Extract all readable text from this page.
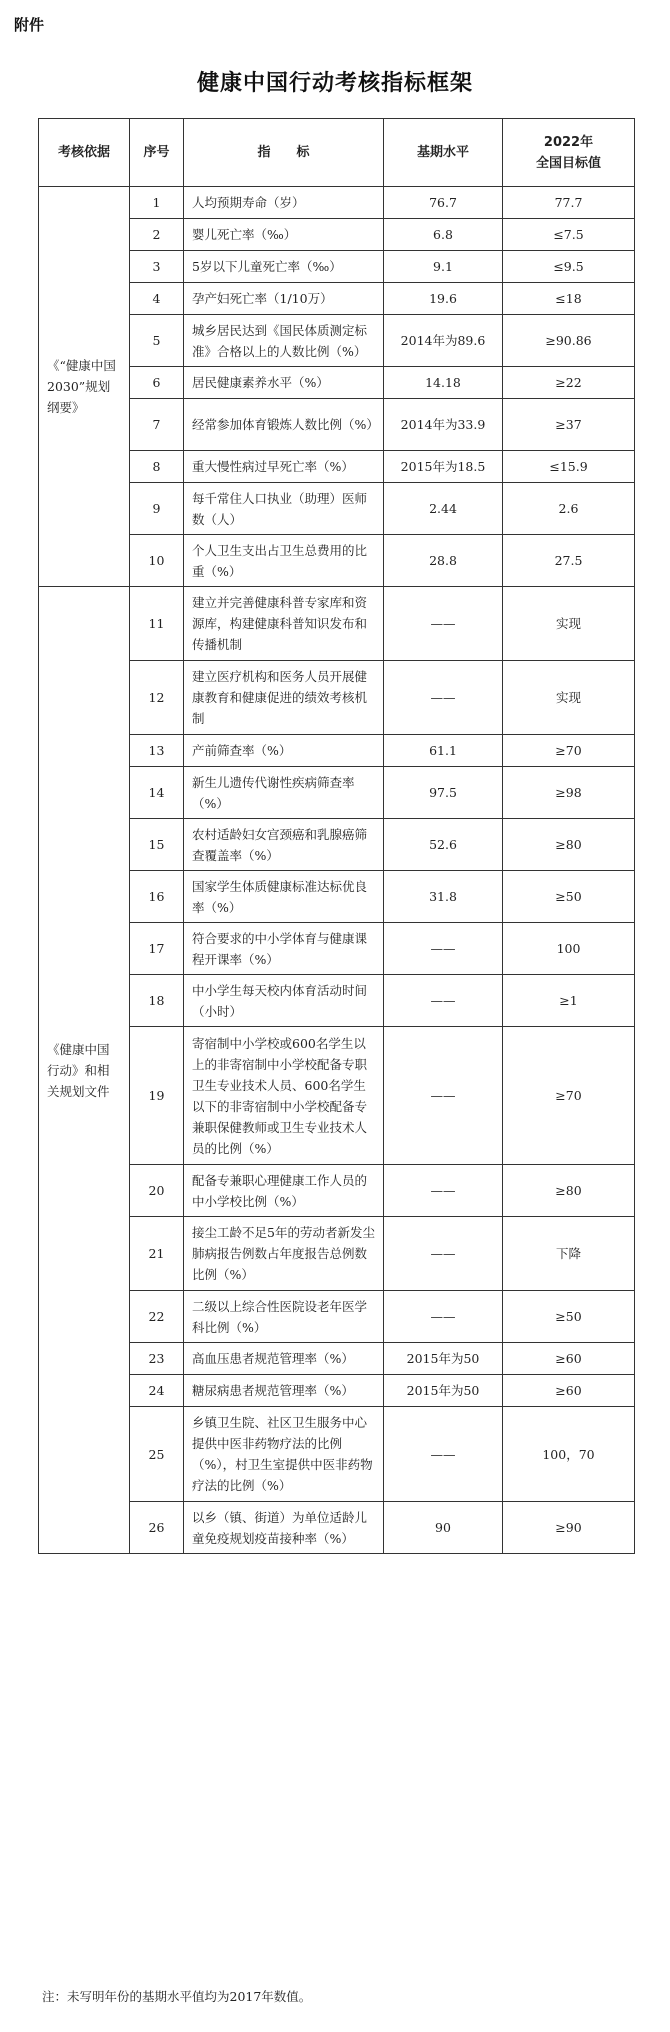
附件
健康中国行动考核指标框架
考核依据	序号	指　　标	基期水平	2022年
全国目标值

《“健康中国2030”规划纲要》	1	人均预期寿命（岁）	76.7	77.7
	2	婴儿死亡率（‰）	6.8	≤7.5
	3	5岁以下儿童死亡率（‰）	9.1	≤9.5
	4	孕产妇死亡率（1/10万）	19.6	≤18
	5	城乡居民达到《国民体质测定标准》合格以上的人数比例（%）	2014年为89.6	≥90.86
	6	居民健康素养水平（%）	14.18	≥22
	7	经常参加体育锻炼人数比例（%）	2014年为33.9	≥37
	8	重大慢性病过早死亡率（%）	2015年为18.5	≤15.9
	9	每千常住人口执业（助理）医师数（人）	2.44	2.6
	10	个人卫生支出占卫生总费用的比重（%）	28.8	27.5
《健康中国行动》和相关规划文件	11	建立并完善健康科普专家库和资源库，构建健康科普知识发布和传播机制	——	实现
	12	建立医疗机构和医务人员开展健康教育和健康促进的绩效考核机制	——	实现
	13	产前筛查率（%）	61.1	≥70
	14	新生儿遗传代谢性疾病筛查率（%）	97.5	≥98
	15	农村适龄妇女宫颈癌和乳腺癌筛查覆盖率（%）	52.6	≥80
	16	国家学生体质健康标准达标优良率（%）	31.8	≥50
	17	符合要求的中小学体育与健康课程开课率（%）	——	100
	18	中小学生每天校内体育活动时间（小时）	——	≥1
	19	寄宿制中小学校或600名学生以上的非寄宿制中小学校配备专职卫生专业技术人员、600名学生以下的非寄宿制中小学校配备专兼职保健教师或卫生专业技术人员的比例（%）	——	≥70
	20	配备专兼职心理健康工作人员的中小学校比例（%）	——	≥80
	21	接尘工龄不足5年的劳动者新发尘肺病报告例数占年度报告总例数比例（%）	——	下降
	22	二级以上综合性医院设老年医学科比例（%）	——	≥50
	23	高血压患者规范管理率（%）	2015年为50	≥60
	24	糖尿病患者规范管理率（%）	2015年为50	≥60
	25	乡镇卫生院、社区卫生服务中心提供中医非药物疗法的比例（%），村卫生室提供中医非药物疗法的比例（%）	——	100，70
	26	以乡（镇、街道）为单位适龄儿童免疫规划疫苗接种率（%）	90	≥90
注：未写明年份的基期水平值均为2017年数值。
